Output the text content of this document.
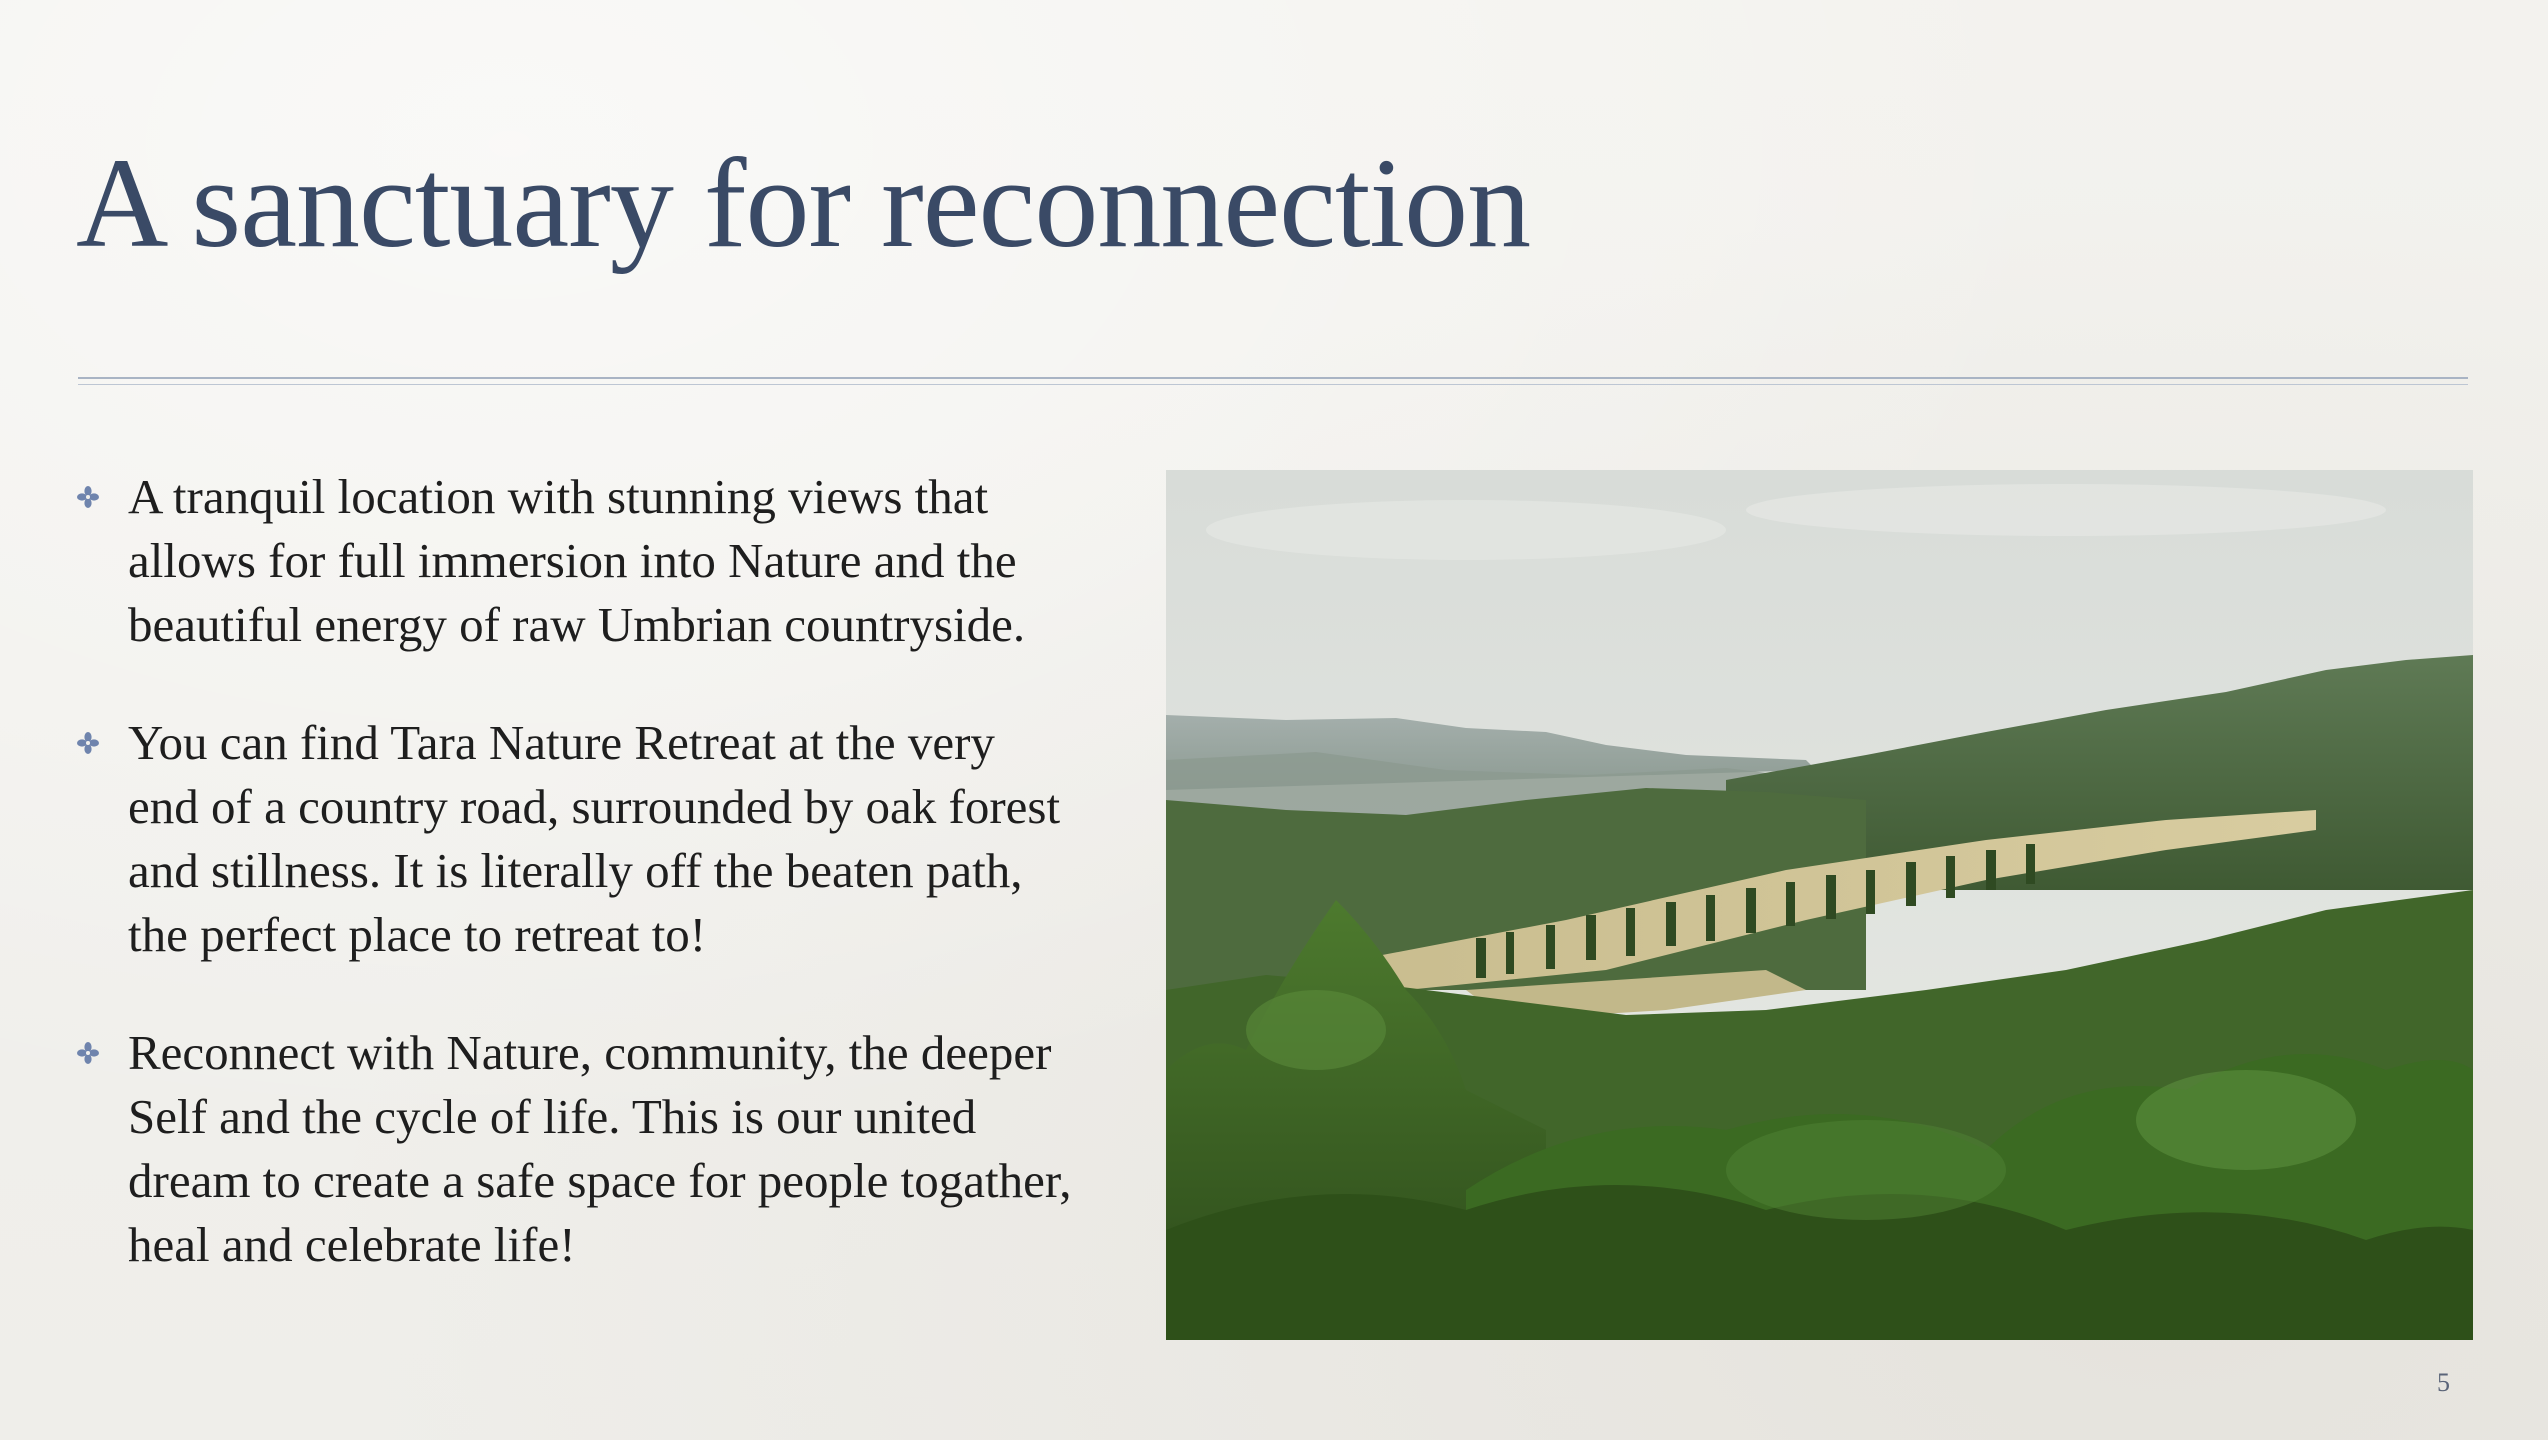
A sanctuary for reconnection
A tranquil location with stunning views that allows for full immersion into Nature and the beautiful energy of raw Umbrian countryside.
You can find Tara Nature Retreat at the very end of a country road, surrounded by oak forest and stillness. It is literally off the beaten path, the perfect place to retreat to!
Reconnect with Nature, community, the deeper Self and the cycle of life. This is our united dream to create a safe space for people togather, heal and celebrate life!
5
